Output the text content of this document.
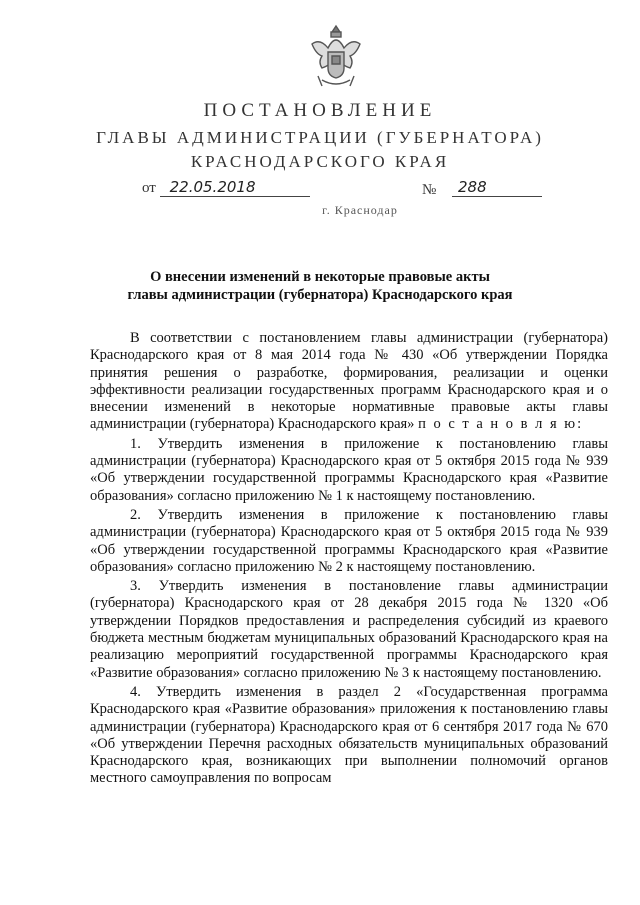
ПОСТАНОВЛЕНИЕ
ГЛАВЫ АДМИНИСТРАЦИИ (ГУБЕРНАТОРА)
КРАСНОДАРСКОГО КРАЯ
от 22.05.2018	№	288
г. Краснодар
О внесении изменений в некоторые правовые акты
главы администрации (губернатора) Краснодарского края

В соответствии с постановлением главы администрации (губернатора) Краснодарского края от 8 мая 2014 года № 430 «Об утверждении Порядка принятия решения о разработке, формирования, реализации и оценки эффективности реализации государственных программ Краснодарского края и о внесении изменений в некоторые нормативные правовые акты главы администрации (губернатора) Краснодарского края» п о с т а н о в л я ю:

1. Утвердить изменения в приложение к постановлению главы администрации (губернатора) Краснодарского края от 5 октября 2015 года № 939 «Об утверждении государственной программы Краснодарского края «Развитие образования» согласно приложению № 1 к настоящему постановлению.

2. Утвердить изменения в приложение к постановлению главы администрации (губернатора) Краснодарского края от 5 октября 2015 года № 939 «Об утверждении государственной программы Краснодарского края «Развитие образования» согласно приложению № 2 к настоящему постановлению.

3. Утвердить изменения в постановление главы администрации (губернатора) Краснодарского края от 28 декабря 2015 года № 1320 «Об утверждении Порядков предоставления и распределения субсидий из краевого бюджета местным бюджетам муниципальных образований Краснодарского края на реализацию мероприятий государственной программы Краснодарского края «Развитие образования» согласно приложению № 3 к настоящему постановлению.

4. Утвердить изменения в раздел 2 «Государственная программа Краснодарского края «Развитие образования» приложения к постановлению главы администрации (губернатора) Краснодарского края от 6 сентября 2017 года № 670 «Об утверждении Перечня расходных обязательств муниципальных образований Краснодарского края, возникающих при выполнении полномочий органов местного самоуправления по вопросам
